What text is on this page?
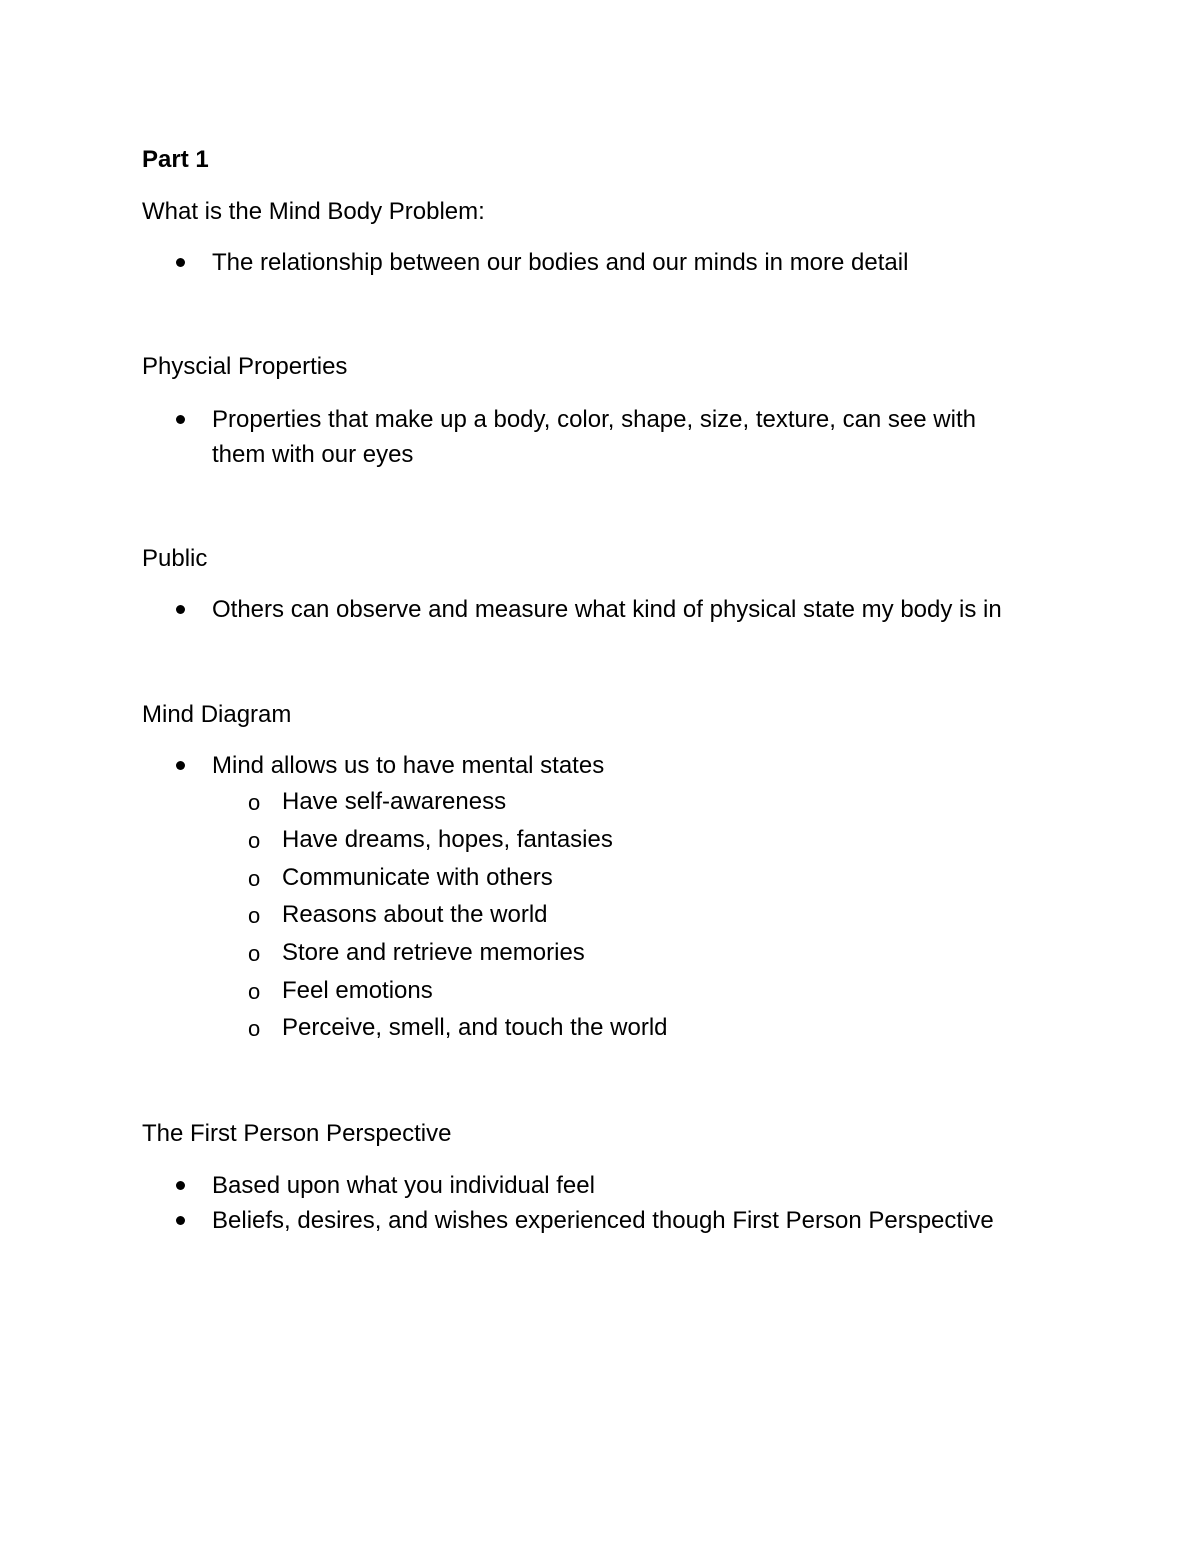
Part 1
What is the Mind Body Problem:
The relationship between our bodies and our minds in more detail
Physcial Properties
Properties that make up a body, color, shape, size, texture, can see with
them with our eyes
Public
Others can observe and measure what kind of physical state my body is in
Mind Diagram
Mind allows us to have mental states
o Have self-awareness
o Have dreams, hopes, fantasies
o Communicate with others
o Reasons about the world
o Store and retrieve memories
o Feel emotions
o Perceive, smell, and touch the world
The First Person Perspective
Based upon what you individual feel
Beliefs, desires, and wishes experienced though First Person Perspective
